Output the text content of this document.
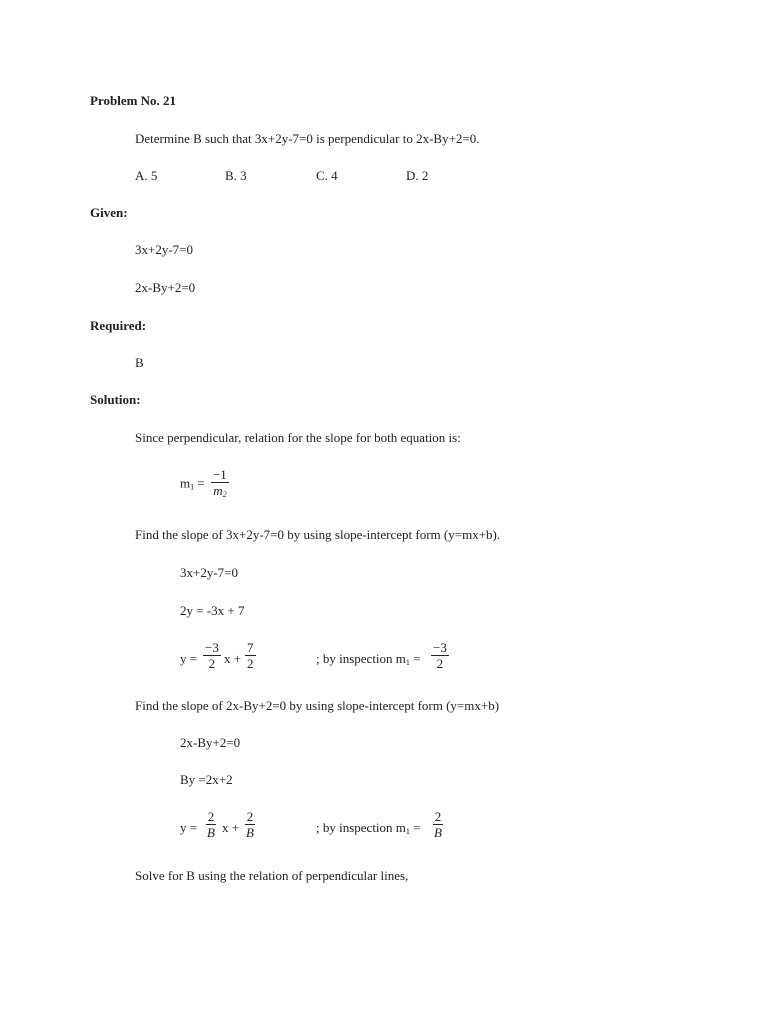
Problem No. 21
Determine B such that 3x+2y-7=0 is perpendicular to 2x-By+2=0.
A. 5	B. 3	C. 4	D. 2
Given:
3x+2y-7=0
2x-By+2=0
Required:
B
Solution:
Since perpendicular, relation for the slope for both equation is:
$m_1 = \frac{-1}{m_2}$
Find the slope of 3x+2y-7=0 by using slope-intercept form (y=mx+b).
3x+2y-7=0
2y = -3x + 7
$y = \frac{-3}{2}$ $x + \frac{7}{2}$	; by inspection $m_1 = \frac{-3}{2}$
Find the slope of 2x-By+2=0 by using slope-intercept form (y=mx+b)
2x-By+2=0
By =2x+2
$y = \frac{2}{B}$ $x + \frac{2}{B}$	; by inspection $m_1 = \frac{2}{B}$
Solve for B using the relation of perpendicular lines,
